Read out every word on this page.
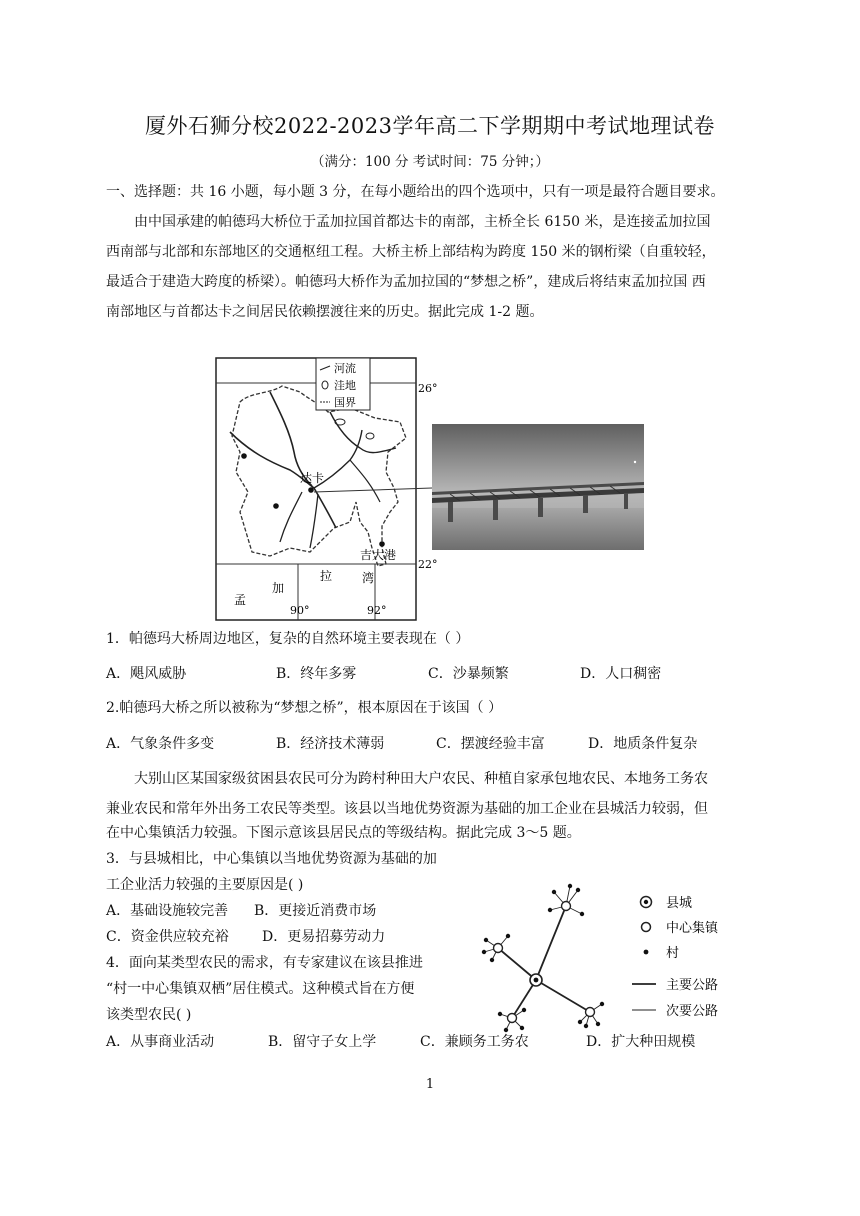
厦外石狮分校2022-2023学年高二下学期期中考试地理试卷
（满分：100 分 考试时间：75 分钟；）
一、选择题：共 16 小题，每小题 3 分，在每小题给出的四个选项中，只有一项是最符合题目要求。
由中国承建的帕德玛大桥位于孟加拉国首都达卡的南部，主桥全长 6150 米，是连接孟加拉国
西南部与北部和东部地区的交通枢纽工程。大桥主桥上部结构为跨度 150 米的钢桁梁（自重较轻，
最适合于建造大跨度的桥梁）。帕德玛大桥作为孟加拉国的“梦想之桥”，建成后将结束孟加拉国 西
南部地区与首都达卡之间居民依赖摆渡往来的历史。据此完成 1-2 题。
达卡
吉大港
河流
洼地
国界
26°
22°
90°	92°
孟
加
拉 湾
1．帕德玛大桥周边地区，复杂的自然环境主要表现在（ ）
A．飓风威胁	B．终年多雾	C．沙暴频繁	D．人口稠密
2.帕德玛大桥之所以被称为“梦想之桥”，根本原因在于该国（ ）
A．气象条件多变	B．经济技术薄弱	C．摆渡经验丰富	D．地质条件复杂
大别山区某国家级贫困县农民可分为跨村种田大户农民、种植自家承包地农民、本地务工务农
兼业农民和常年外出务工农民等类型。该县以当地优势资源为基础的加工企业在县城活力较弱，但
在中心集镇活力较强。下图示意该县居民点的等级结构。据此完成 3～5 题。
3．与县城相比，中心集镇以当地优势资源为基础的加
工企业活力较强的主要原因是( )
A．基础设施较完善 B．更接近消费市场
C．资金供应较充裕 D．更易招募劳动力
4．面向某类型农民的需求，有专家建议在该县推进
“村一中心集镇双栖”居住模式。这种模式旨在方便
该类型农民( )
A．从事商业活动	B．留守子女上学	C．兼顾务工务农	D．扩大种田规模
县城
中心集镇
村
主要公路
次要公路
1
